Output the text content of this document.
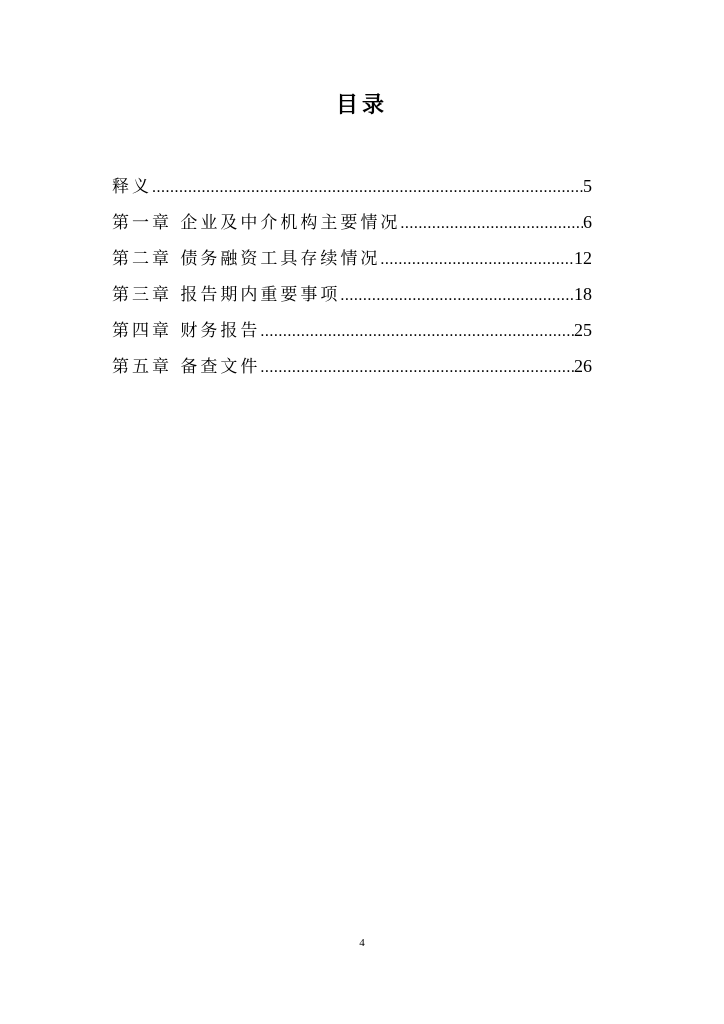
目录
释义 .....	5
第一章 企业及中介机构主要情况 .....	6
第二章 债务融资工具存续情况 .....	12
第三章 报告期内重要事项 .....	18
第四章 财务报告 .....	25
第五章 备查文件 .....	26
4
